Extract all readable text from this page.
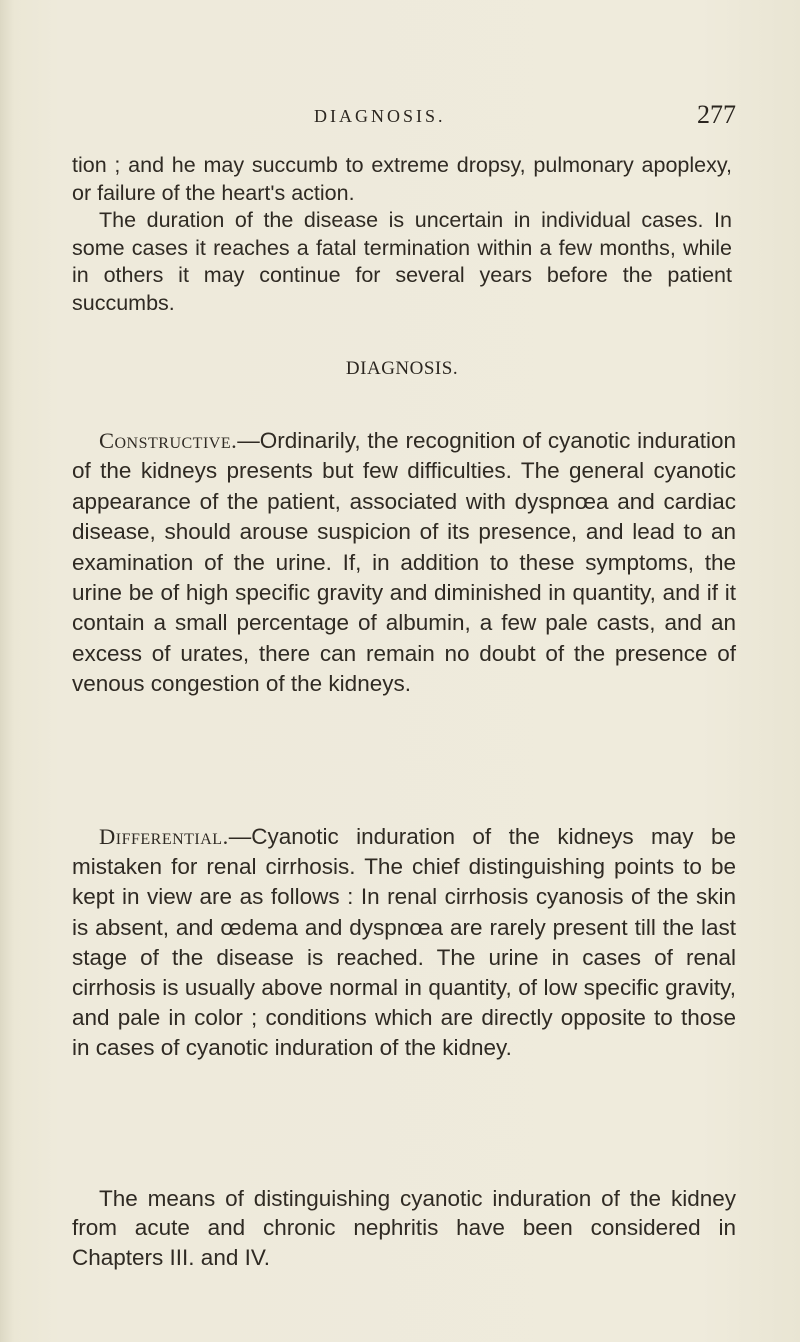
DIAGNOSIS.	277

tion ; and he may succumb to extreme dropsy, pulmonary apoplexy, or failure of the heart's action.

The duration of the disease is uncertain in individual cases. In some cases it reaches a fatal termination within a few months, while in others it may continue for several years before the patient succumbs.

DIAGNOSIS.

Constructive.—Ordinarily, the recognition of cyanotic induration of the kidneys presents but few difficulties. The general cyanotic appearance of the patient, associated with dyspnœa and cardiac disease, should arouse suspicion of its presence, and lead to an examination of the urine. If, in addition to these symptoms, the urine be of high specific gravity and diminished in quantity, and if it contain a small percentage of albumin, a few pale casts, and an excess of urates, there can remain no doubt of the presence of venous congestion of the kidneys.

Differential.—Cyanotic induration of the kidneys may be mistaken for renal cirrhosis. The chief distinguishing points to be kept in view are as follows : In renal cirrhosis cyanosis of the skin is absent, and œdema and dyspnœa are rarely present till the last stage of the disease is reached. The urine in cases of renal cirrhosis is usually above normal in quantity, of low specific gravity, and pale in color ; conditions which are directly opposite to those in cases of cyanotic induration of the kidney.

The means of distinguishing cyanotic induration of the kidney from acute and chronic nephritis have been considered in Chapters III. and IV.
